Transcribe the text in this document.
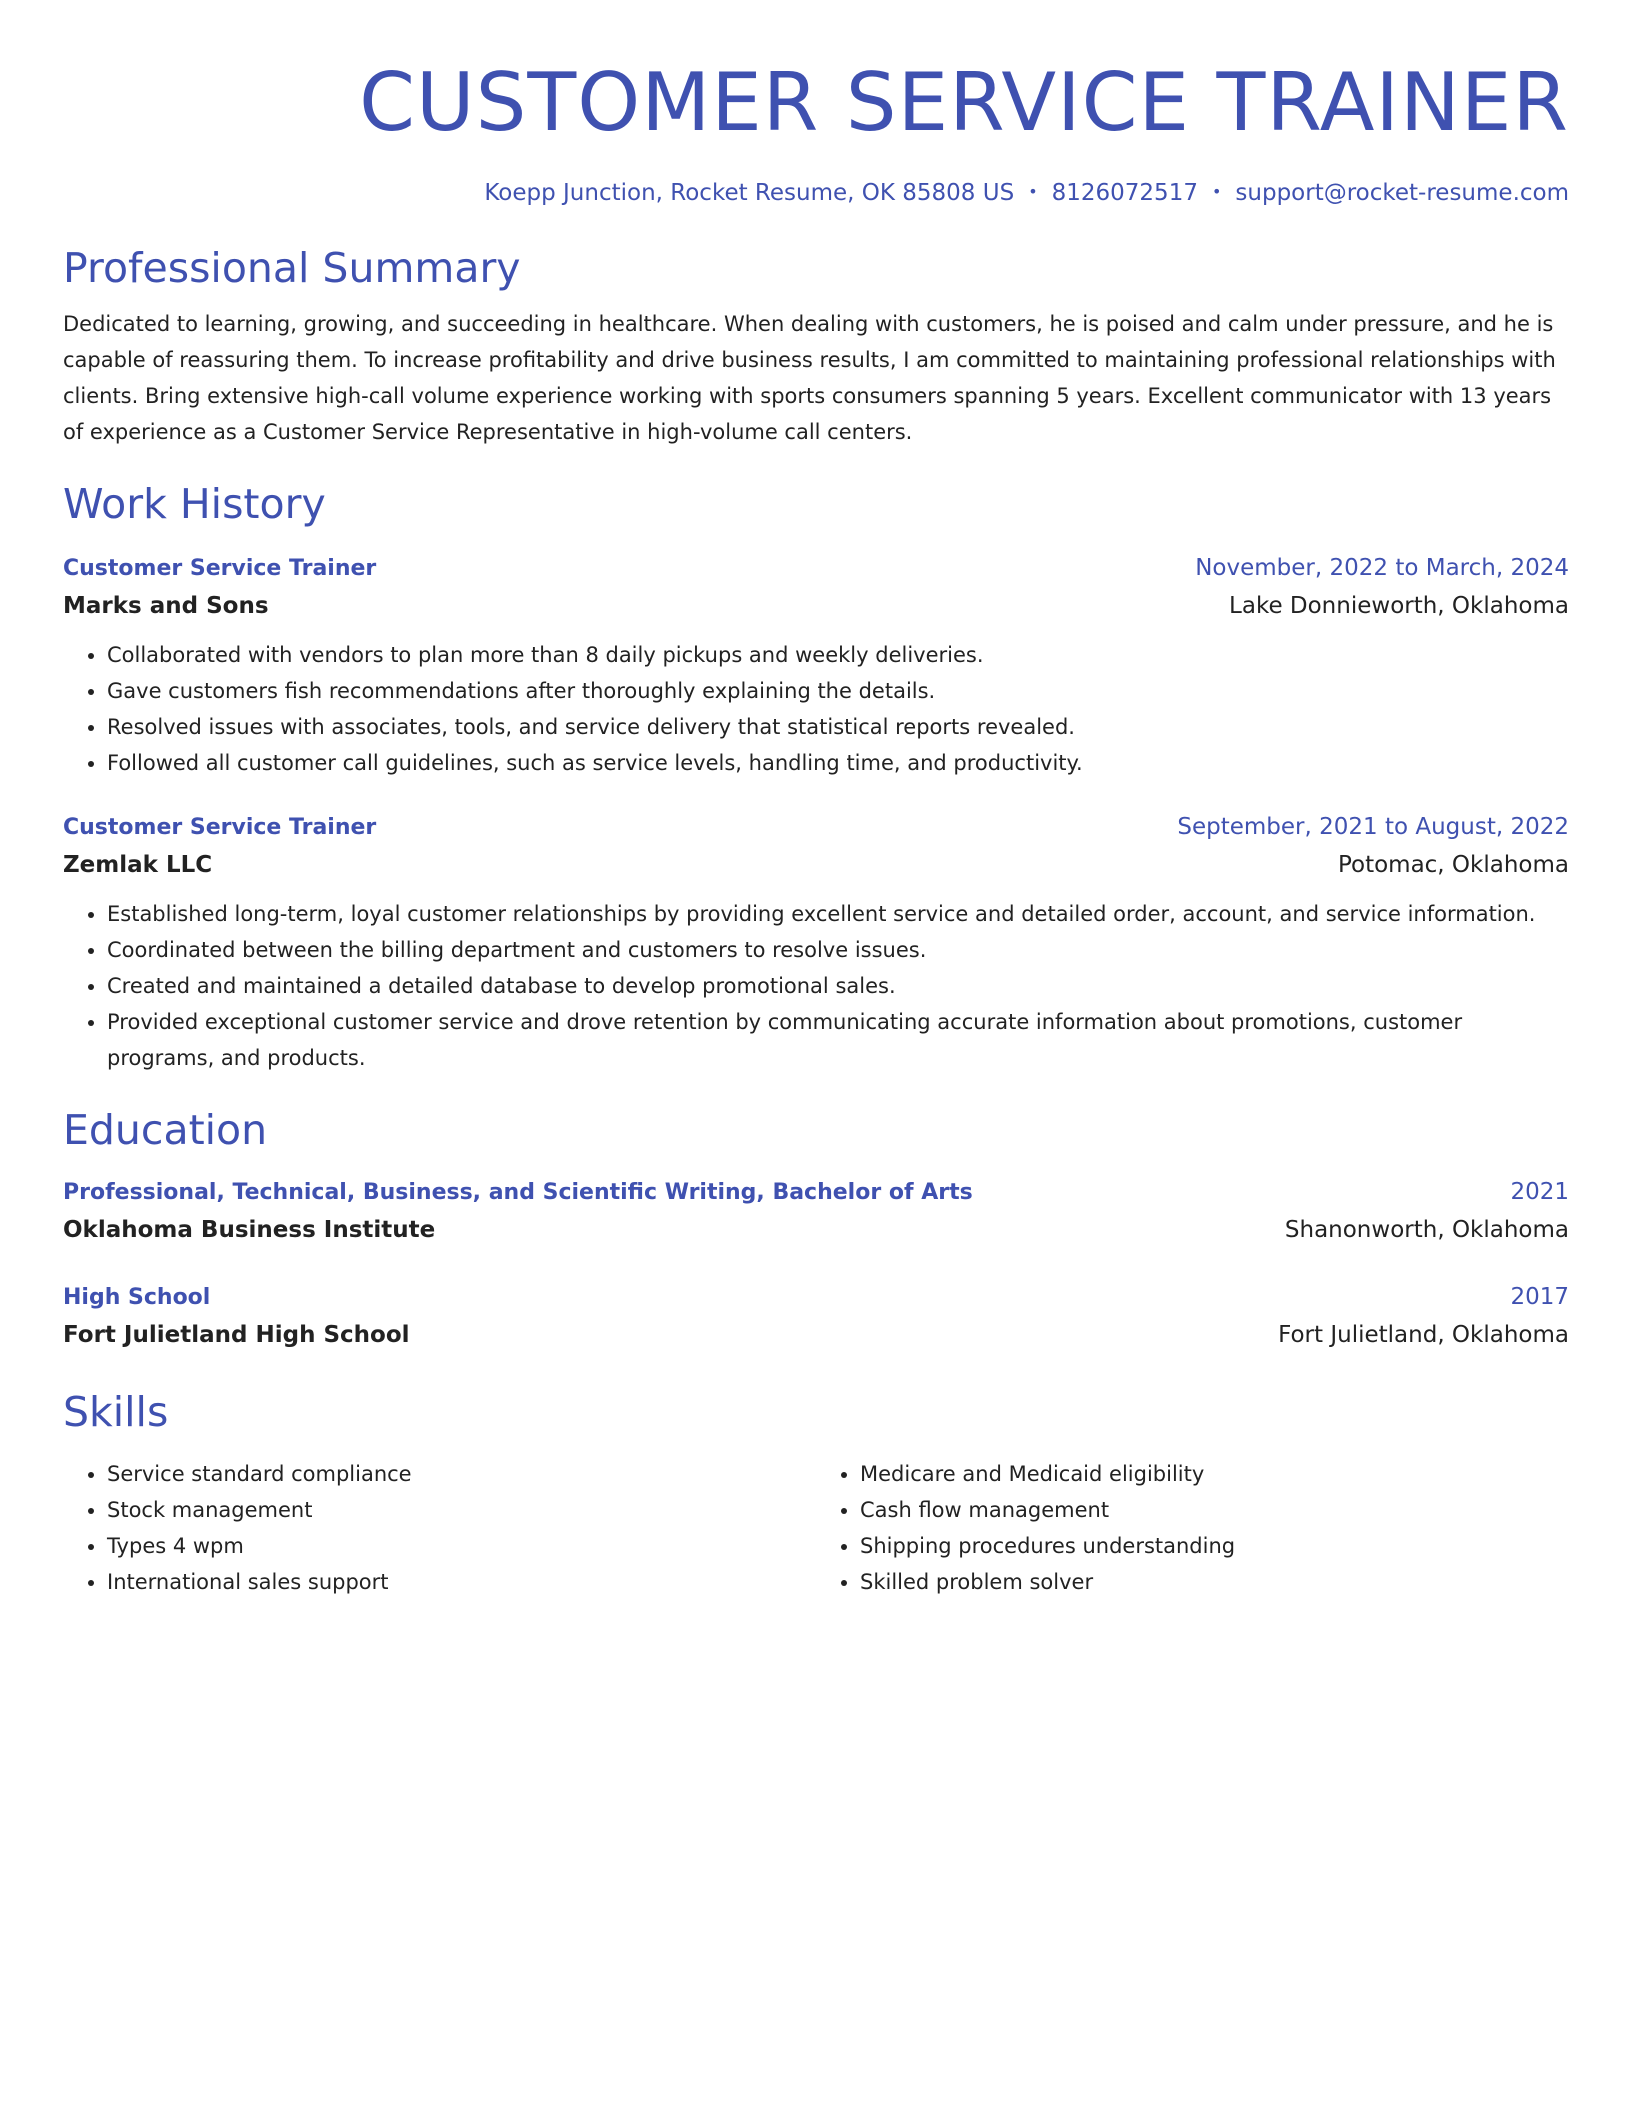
CUSTOMER SERVICE TRAINER
Koepp Junction, Rocket Resume, OK 85808 US • 8126072517 • support@rocket-resume.com
Professional Summary
Dedicated to learning, growing, and succeeding in healthcare. When dealing with customers, he is poised and calm under pressure, and he is capable of reassuring them. To increase profitability and drive business results, I am committed to maintaining professional relationships with clients. Bring extensive high-call volume experience working with sports consumers spanning 5 years. Excellent communicator with 13 years of experience as a Customer Service Representative in high-volume call centers.
Work History
Customer Service Trainer	November, 2022 to March, 2024
Marks and Sons	Lake Donnieworth, Oklahoma
• Collaborated with vendors to plan more than 8 daily pickups and weekly deliveries.
• Gave customers fish recommendations after thoroughly explaining the details.
• Resolved issues with associates, tools, and service delivery that statistical reports revealed.
• Followed all customer call guidelines, such as service levels, handling time, and productivity.
Customer Service Trainer	September, 2021 to August, 2022
Zemlak LLC	Potomac, Oklahoma
• Established long-term, loyal customer relationships by providing excellent service and detailed order, account, and service information.
• Coordinated between the billing department and customers to resolve issues.
• Created and maintained a detailed database to develop promotional sales.
• Provided exceptional customer service and drove retention by communicating accurate information about promotions, customer programs, and products.
Education
Professional, Technical, Business, and Scientific Writing, Bachelor of Arts	2021
Oklahoma Business Institute	Shanonworth, Oklahoma
High School	2017
Fort Julietland High School	Fort Julietland, Oklahoma
Skills
• Service standard compliance
• Stock management
• Types 4 wpm
• International sales support
• Medicare and Medicaid eligibility
• Cash flow management
• Shipping procedures understanding
• Skilled problem solver
